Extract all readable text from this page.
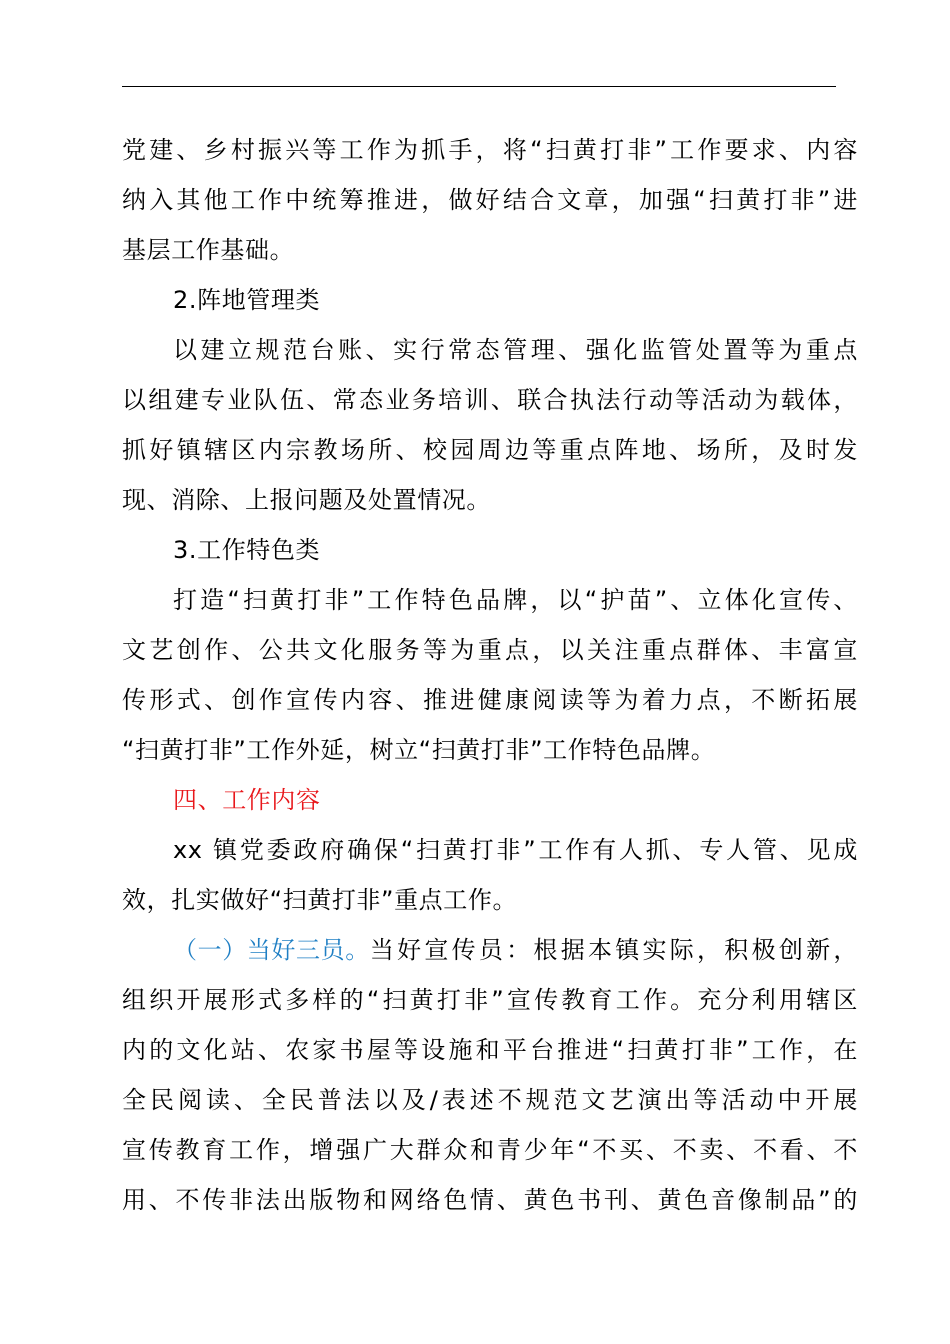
党建、乡村振兴等工作为抓手，将“扫黄打非”工作要求、内容
纳入其他工作中统筹推进，做好结合文章，加强“扫黄打非”进
基层工作基础。
2.阵地管理类
以建立规范台账、实行常态管理、强化监管处置等为重点
以组建专业队伍、常态业务培训、联合执法行动等活动为载体，
抓好镇辖区内宗教场所、校园周边等重点阵地、场所，及时发
现、消除、上报问题及处置情况。
3.工作特色类
打造“扫黄打非”工作特色品牌，以“护苗”、立体化宣传、
文艺创作、公共文化服务等为重点，以关注重点群体、丰富宣
传形式、创作宣传内容、推进健康阅读等为着力点，不断拓展
“扫黄打非”工作外延，树立“扫黄打非”工作特色品牌。
四、工作内容
xx 镇党委政府确保“扫黄打非”工作有人抓、专人管、见成
效，扎实做好“扫黄打非”重点工作。
（一）当好三员。 当好宣传员：根据本镇实际，积极创新，
组织开展形式多样的“扫黄打非”宣传教育工作。充分利用辖区
内的文化站、农家书屋等设施和平台推进“扫黄打非”工作，在
全民阅读、全民普法以及/表述不规范文艺演出等活动中开展
宣传教育工作，增强广大群众和青少年“不买、不卖、不看、不
用、不传非法出版物和网络色情、黄色书刊、黄色音像制品”的
